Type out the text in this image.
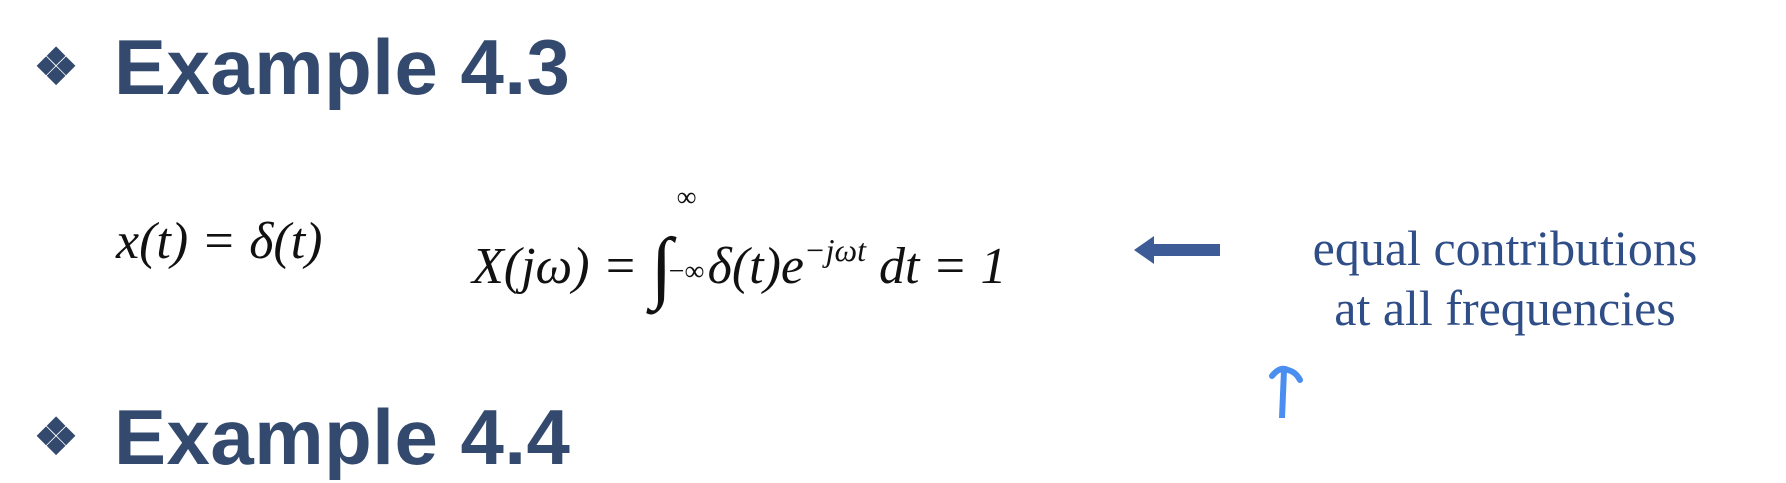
❖ Example 4.3
x(t) = δ(t)	X(jω) = ∫
∞
−∞ $\delta(t)e^{-j\omega t}$ dt = 1	equal contributions
at all frequencies
❖ Example 4.4
